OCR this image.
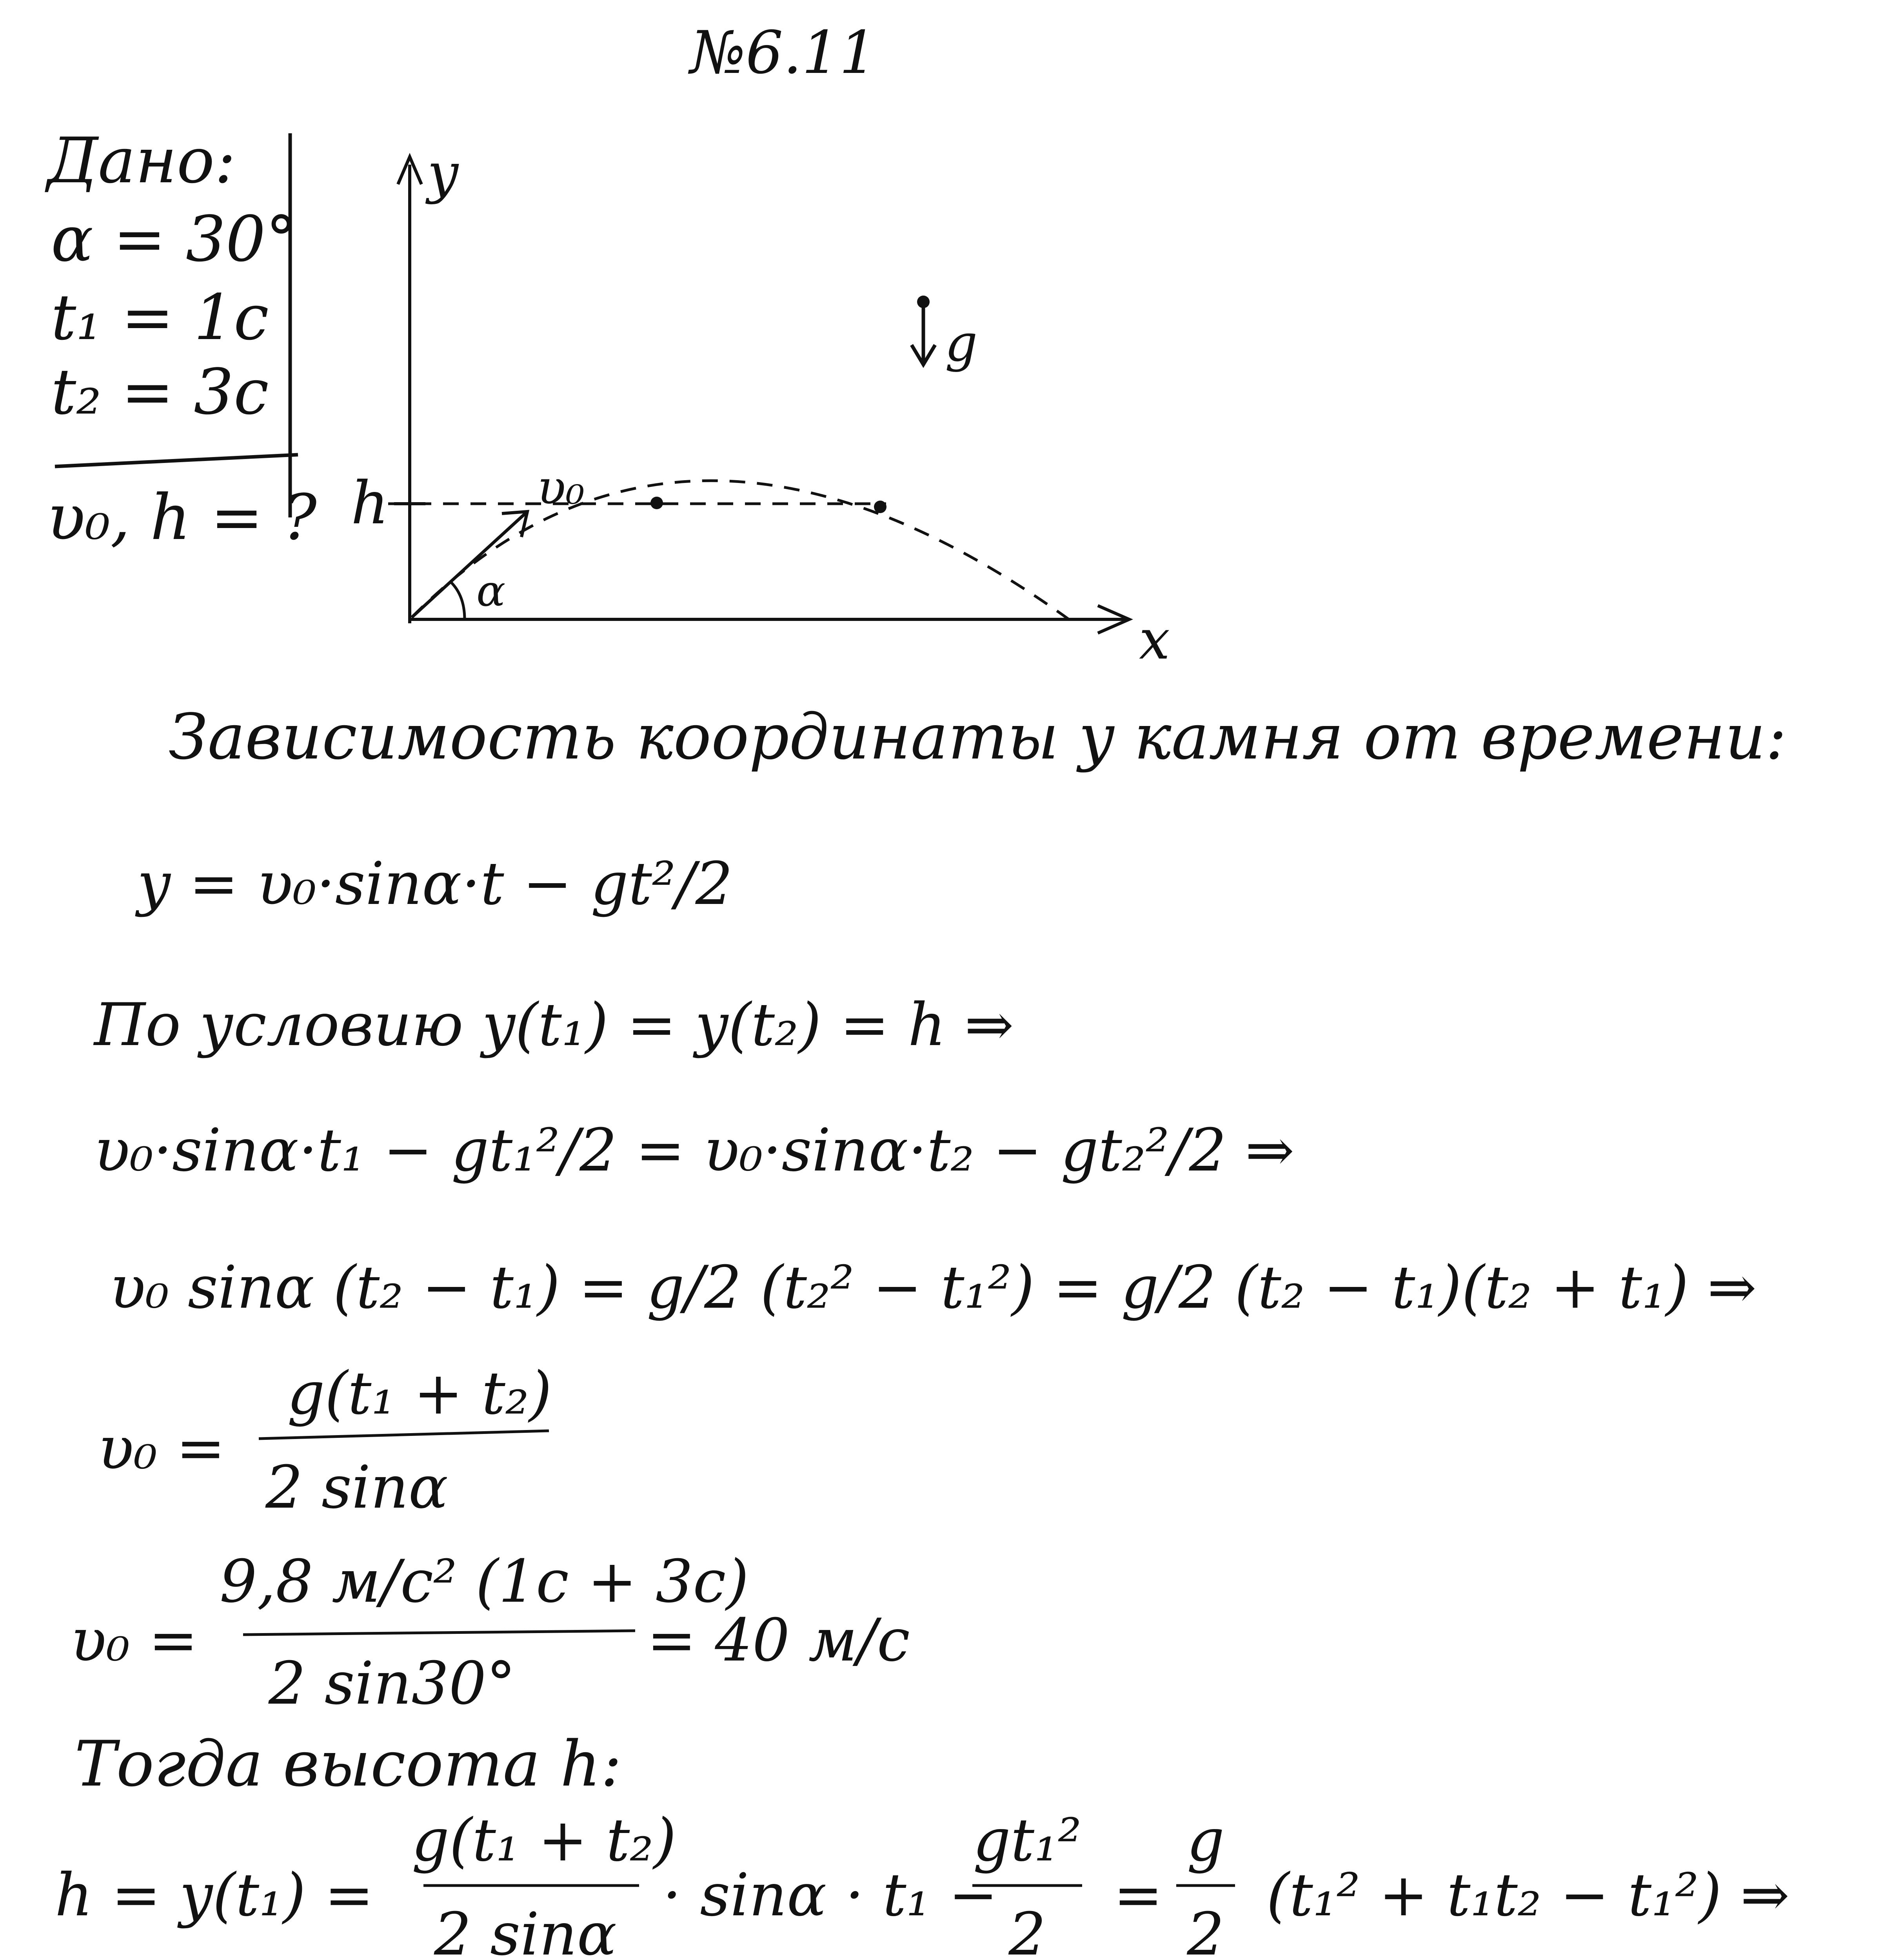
№6.11
Дано:
α = 30°
t₁ = 1с
t₂ = 3с
υ₀, h = ?
y
x
h	υ₀
α
g
Зависимость координаты y камня от времени:
y = υ₀·sinα·t − gt²/2
По условию y(t₁) = y(t₂) = h ⇒
υ₀·sinα·t₁ − gt₁²/2 = υ₀·sinα·t₂ − gt₂²/2 ⇒
υ₀ sinα (t₂ − t₁) = g/2 (t₂² − t₁²) = g/2 (t₂ − t₁)(t₂ + t₁) ⇒
υ₀ =
g(t₁ + t₂)
2 sinα
υ₀ =
9,8 м/с² (1с + 3с)
2 sin30°
= 40 м/с
Тогда высота h:
h = y(t₁) =
g(t₁ + t₂)
2 sinα
· sinα · t₁ −
gt₁²
2
=
g
2
(t₁² + t₁t₂ − t₁²) ⇒
